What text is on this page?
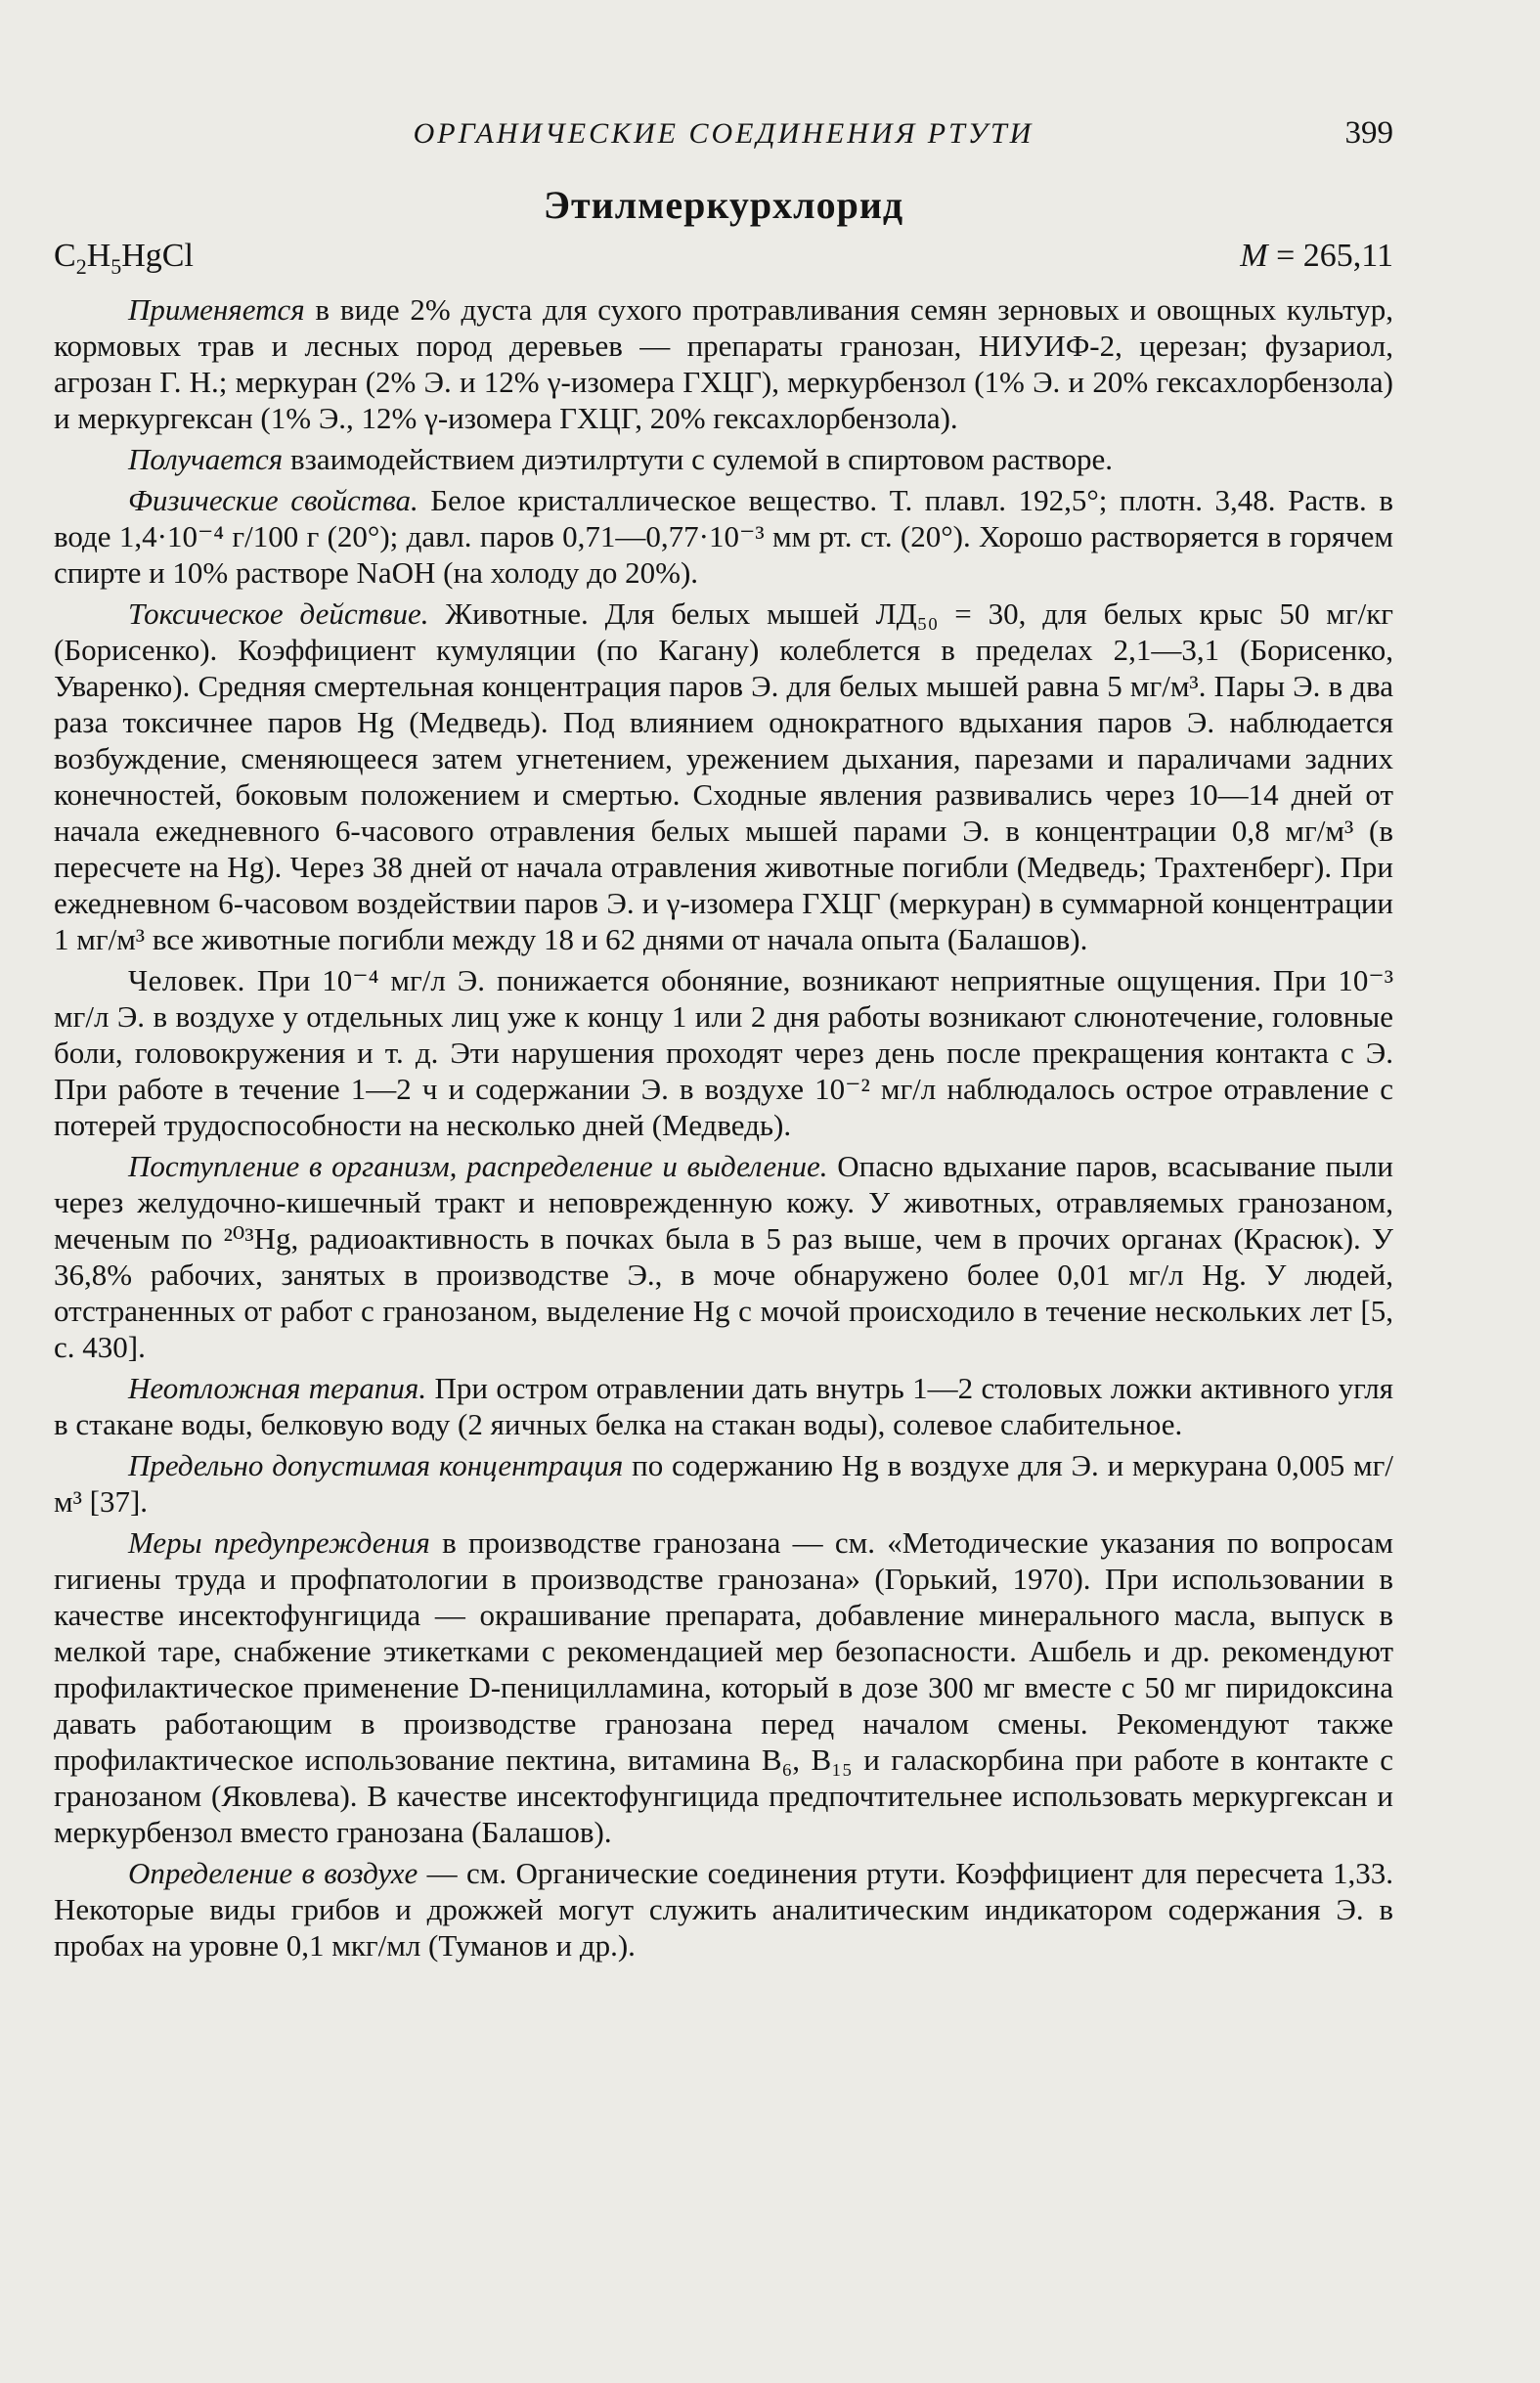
ОРГАНИЧЕСКИЕ СОЕДИНЕНИЯ РТУТИ	399
Этилмеркурхлорид
$C_2H_5HgCl$	M = 265,11

Применяется в виде 2% дуста для сухого протравливания семян зерновых и овощных культур, кормовых трав и лесных пород деревьев — препараты гранозан, НИУИФ-2, церезан; фузариол, агрозан Г. Н.; меркуран (2% Э. и 12% γ-изомера ГХЦГ), меркурбензол (1% Э. и 20% гексахлорбензола) и меркургексан (1% Э., 12% γ-изомера ГХЦГ, 20% гексахлорбензола).

Получается взаимодействием диэтилртути с сулемой в спиртовом растворе.

Физические свойства. Белое кристаллическое вещество. Т. плавл. 192,5°; плотн. 3,48. Раств. в воде 1,4·10⁻⁴ г/100 г (20°); давл. паров 0,71—0,77·10⁻³ мм рт. ст. (20°). Хорошо растворяется в горячем спирте и 10% растворе NaOH (на холоду до 20%).

Токсическое действие. Животные. Для белых мышей ЛД₅₀ = 30, для белых крыс 50 мг/кг (Борисенко). Коэффициент кумуляции (по Кагану) колеблется в пределах 2,1—3,1 (Борисенко, Уваренко). Средняя смертельная концентрация паров Э. для белых мышей равна 5 мг/м³. Пары Э. в два раза токсичнее паров Hg (Медведь). Под влиянием однократного вдыхания паров Э. наблюдается возбуждение, сменяющееся затем угнетением, урежением дыхания, парезами и параличами задних конечностей, боковым положением и смертью. Сходные явления развивались через 10—14 дней от начала ежедневного 6-часового отравления белых мышей парами Э. в концентрации 0,8 мг/м³ (в пересчете на Hg). Через 38 дней от начала отравления животные погибли (Медведь; Трахтенберг). При ежедневном 6-часовом воздействии паров Э. и γ-изомера ГХЦГ (меркуран) в суммарной концентрации 1 мг/м³ все животные погибли между 18 и 62 днями от начала опыта (Балашов).

Человек. При 10⁻⁴ мг/л Э. понижается обоняние, возникают неприятные ощущения. При 10⁻³ мг/л Э. в воздухе у отдельных лиц уже к концу 1 или 2 дня работы возникают слюнотечение, головные боли, головокружения и т. д. Эти нарушения проходят через день после прекращения контакта с Э. При работе в течение 1—2 ч и содержании Э. в воздухе 10⁻² мг/л наблюдалось острое отравление с потерей трудоспособности на несколько дней (Медведь).

Поступление в организм, распределение и выделение. Опасно вдыхание паров, всасывание пыли через желудочно-кишечный тракт и неповрежденную кожу. У животных, отравляемых гранозаном, меченым по ²⁰³Hg, радиоактивность в почках была в 5 раз выше, чем в прочих органах (Красюк). У 36,8% рабочих, занятых в производстве Э., в моче обнаружено более 0,01 мг/л Hg. У людей, отстраненных от работ с гранозаном, выделение Hg с мочой происходило в течение нескольких лет [5, с. 430].

Неотложная терапия. При остром отравлении дать внутрь 1—2 столовых ложки активного угля в стакане воды, белковую воду (2 яичных белка на стакан воды), солевое слабительное.

Предельно допустимая концентрация по содержанию Hg в воздухе для Э. и меркурана 0,005 мг/м³ [37].

Меры предупреждения в производстве гранозана — см. «Методические указания по вопросам гигиены труда и профпатологии в производстве гранозана» (Горький, 1970). При использовании в качестве инсектофунгицида — окрашивание препарата, добавление минерального масла, выпуск в мелкой таре, снабжение этикетками с рекомендацией мер безопасности. Ашбель и др. рекомендуют профилактическое применение D-пеницилламина, который в дозе 300 мг вместе с 50 мг пиридоксина давать работающим в производстве гранозана перед началом смены. Рекомендуют также профилактическое использование пектина, витамина B₆, B₁₅ и галаскорбина при работе в контакте с гранозаном (Яковлева). В качестве инсектофунгицида предпочтительнее использовать меркургексан и меркурбензол вместо гранозана (Балашов).

Определение в воздухе — см. Органические соединения ртути. Коэффициент для пересчета 1,33. Некоторые виды грибов и дрожжей могут служить аналитическим индикатором содержания Э. в пробах на уровне 0,1 мкг/мл (Туманов и др.).
